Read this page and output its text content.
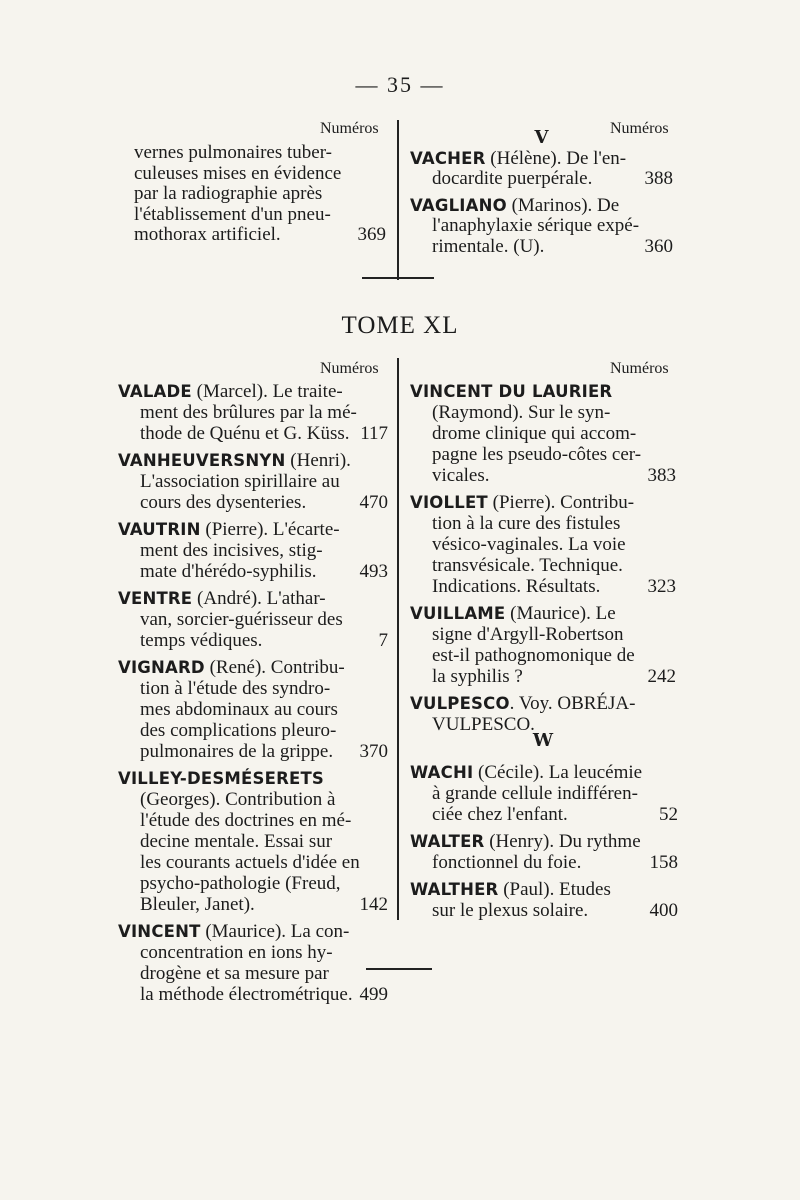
— 35 —
Numéros	Numéros
vernes pulmonaires tuber-
culeuses mises en évidence
par la radiographie après
l'établissement d'un pneu-
mothorax artificiel.	369
V
VACHER (Hélène). De l'en-
docardite puerpérale.	388
VAGLIANO (Marinos). De
l'anaphylaxie sérique expé-
rimentale. (U).	360
TOME XL
Numéros	Numéros
VALADE (Marcel). Le traite-
ment des brûlures par la mé-
thode de Quénu et G. Küss. 117
VANHEUVERSNYN (Henri).
L'association spirillaire au
cours des dysenteries.	470
VAUTRIN (Pierre). L'écarte-
ment des incisives, stig-
mate d'hérédo-syphilis.	493
VENTRE (André). L'athar-
van, sorcier-guérisseur des
temps védiques.	7
VIGNARD (René). Contribu-
tion à l'étude des syndro-
mes abdominaux au cours
des complications pleuro-
pulmonaires de la grippe.	370
VILLEY-DESMÉSERETS
(Georges). Contribution à
l'étude des doctrines en mé-
decine mentale. Essai sur
les courants actuels d'idée en
psycho-pathologie (Freud,
Bleuler, Janet).	142
VINCENT (Maurice). La con-
concentration en ions hy-
drogène et sa mesure par
la méthode électrométrique. 499
VINCENT DU LAURIER
(Raymond). Sur le syn-
drome clinique qui accom-
pagne les pseudo-côtes cer-
vicales.	383
VIOLLET (Pierre). Contribu-
tion à la cure des fistules
vésico-vaginales. La voie
transvésicale. Technique.
Indications. Résultats.	323
VUILLAME (Maurice). Le
signe d'Argyll-Robertson
est-il pathognomonique de
la syphilis ?	242
VULPESCO. Voy. OBRÉJA-
VULPESCO.
W
WACHI (Cécile). La leucémie
à grande cellule indifféren-
ciée chez l'enfant.	52
WALTER (Henry). Du rythme
fonctionnel du foie.	158
WALTHER (Paul). Etudes
sur le plexus solaire.	400
